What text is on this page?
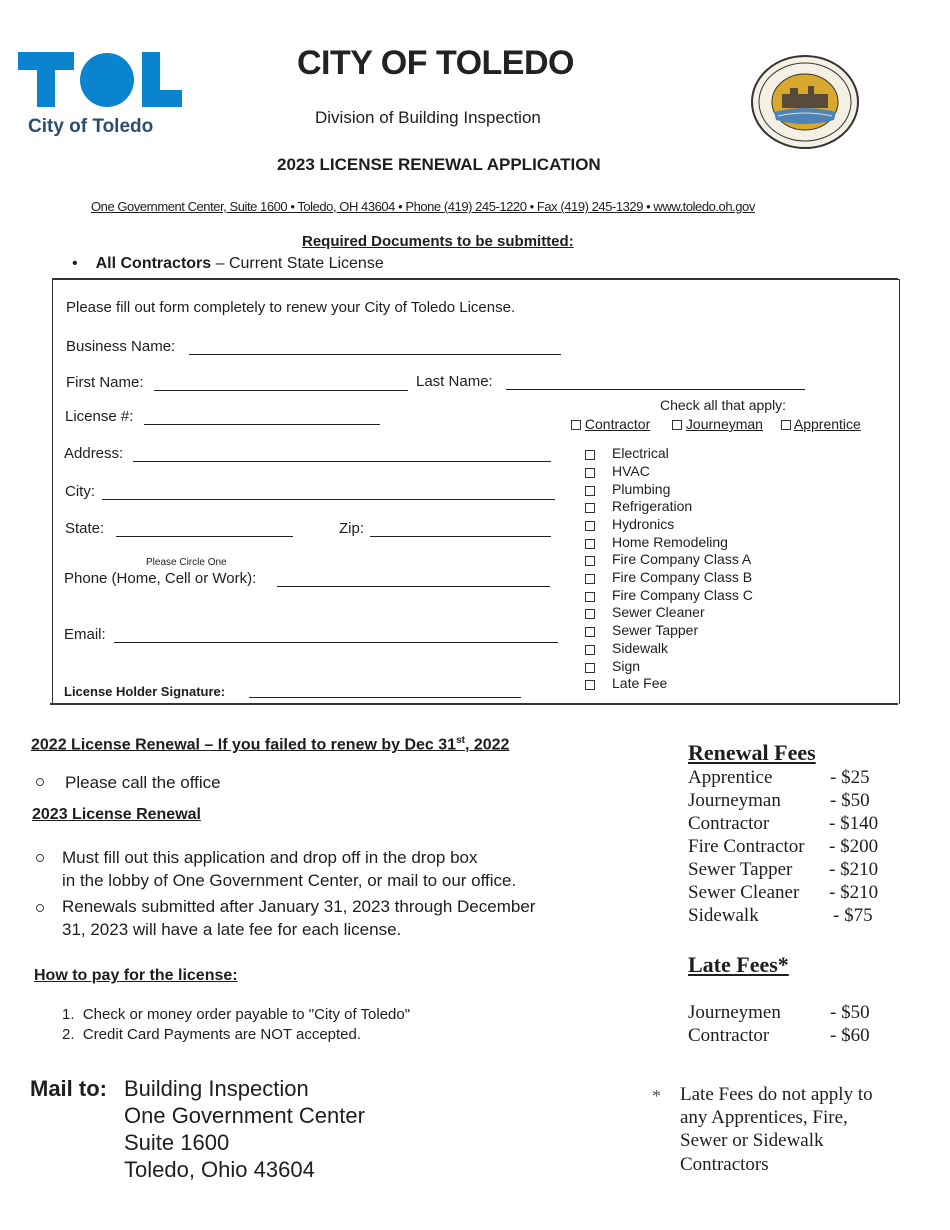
City of Toledo
CITY OF TOLEDO
Division of Building Inspection
2023 LICENSE RENEWAL APPLICATION
One Government Center, Suite 1600 • Toledo, OH 43604 • Phone (419) 245-1220 • Fax (419) 245-1329 • www.toledo.oh.gov
Required Documents to be submitted:
• All Contractors – Current State License
Please fill out form completely to renew your City of Toledo License.
Business Name:
First Name:	Last Name:
License #:
Check all that apply:
Contractor	Journeyman Apprentice
Address:
City:
State:	Zip:
Please Circle One
Phone (Home, Cell or Work):
Email:
License Holder Signature:
Electrical
HVAC
Plumbing
Refrigeration
Hydronics
Home Remodeling
Fire Company Class A
Fire Company Class B
Fire Company Class C
Sewer Cleaner
Sewer Tapper
Sidewalk
Sign
Late Fee
2022 License Renewal – If you failed to renew by Dec 31st, 2022
Please call the office
2023 License Renewal
Must fill out this application and drop off in the drop box
in the lobby of One Government Center, or mail to our office.
Renewals submitted after January 31, 2023 through December
31, 2023 will have a late fee for each license.
How to pay for the license:
1.  Check or money order payable to "City of Toledo"
2.  Credit Card Payments are NOT accepted.
Mail to: Building Inspection
One Government Center
Suite 1600
Toledo, Ohio 43604
Renewal Fees
Apprentice	- $25
Journeyman	- $50
Contractor	- $140
Fire Contractor - $200
Sewer Tapper - $210
Sewer Cleaner - $210
Sidewalk	- $75
Late Fees*
Journeymen	- $50
Contractor	- $60
* Late Fees do not apply to
any Apprentices, Fire,
Sewer or Sidewalk
Contractors
